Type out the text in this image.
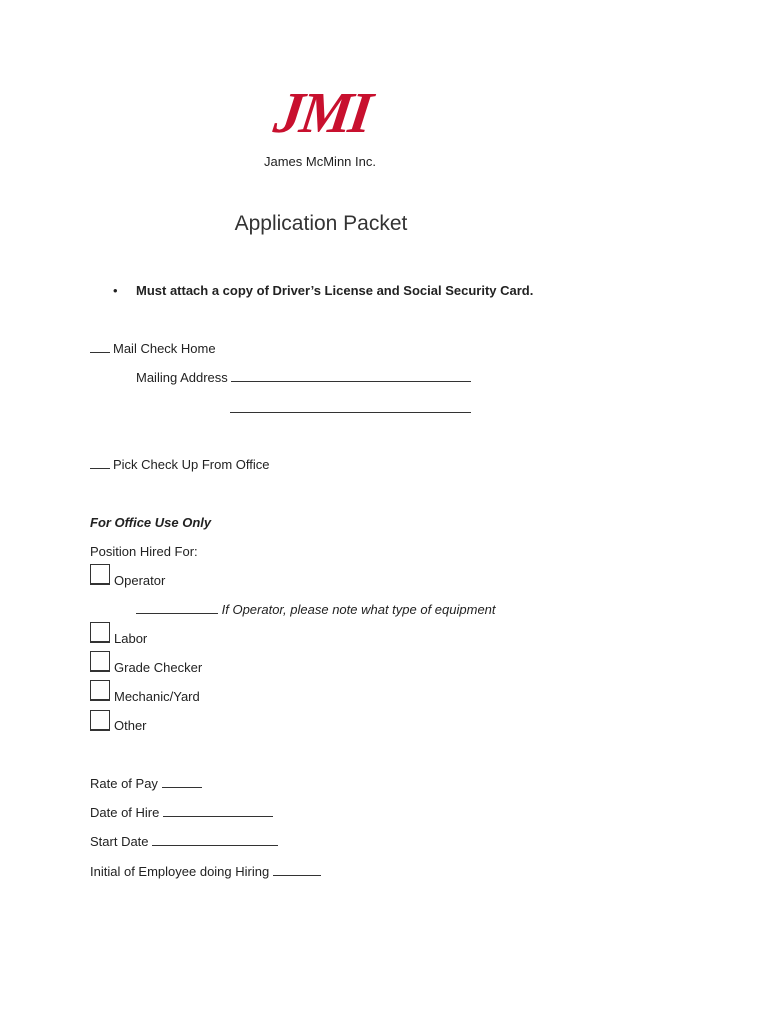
JMI
James McMinn Inc.
Application Packet
• Must attach a copy of Driver’s License and Social Security Card.
Mail Check Home
Mailing Address
Pick Check Up From Office
For Office Use Only
Position Hired For:
Operator
If Operator, please note what type of equipment
Labor
Grade Checker
Mechanic/Yard
Other
Rate of Pay
Date of Hire
Start Date
Initial of Employee doing Hiring
